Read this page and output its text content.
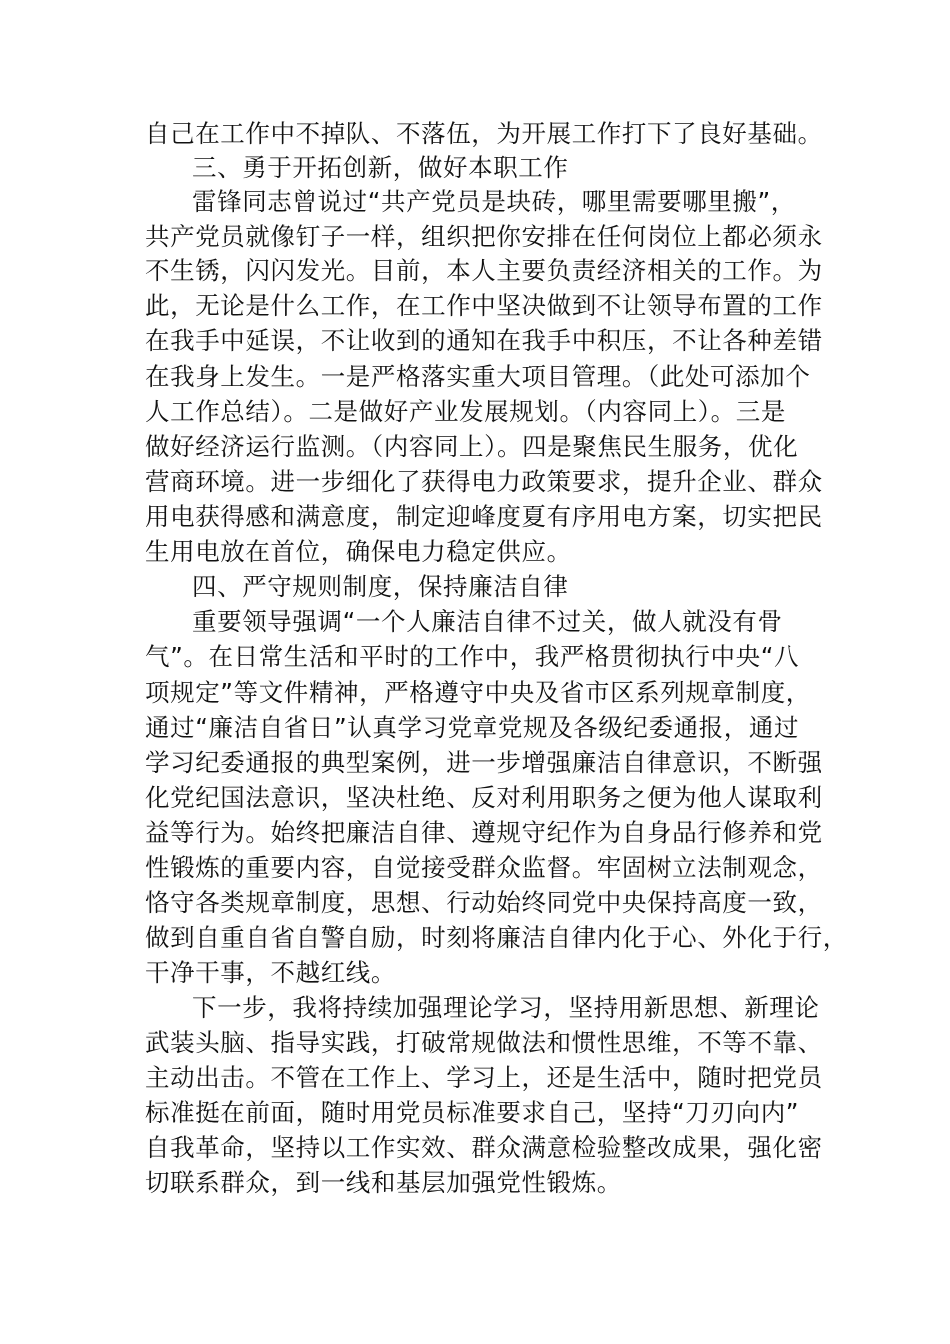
自己在工作中不掉队、不落伍，为开展工作打下了良好基础。
三、勇于开拓创新，做好本职工作
雷锋同志曾说过“共产党员是块砖，哪里需要哪里搬”，
共产党员就像钉子一样，组织把你安排在任何岗位上都必须永
不生锈，闪闪发光。目前，本人主要负责经济相关的工作。为
此，无论是什么工作，在工作中坚决做到不让领导布置的工作
在我手中延误，不让收到的通知在我手中积压，不让各种差错
在我身上发生。一是严格落实重大项目管理。（此处可添加个
人工作总结）。二是做好产业发展规划。（内容同上）。三是
做好经济运行监测。（内容同上）。四是聚焦民生服务，优化
营商环境。进一步细化了获得电力政策要求，提升企业、群众
用电获得感和满意度，制定迎峰度夏有序用电方案，切实把民
生用电放在首位，确保电力稳定供应。
四、严守规则制度，保持廉洁自律
重要领导强调“一个人廉洁自律不过关，做人就没有骨
气”。在日常生活和平时的工作中，我严格贯彻执行中央“八
项规定”等文件精神，严格遵守中央及省市区系列规章制度，
通过“廉洁自省日”认真学习党章党规及各级纪委通报，通过
学习纪委通报的典型案例，进一步增强廉洁自律意识，不断强
化党纪国法意识，坚决杜绝、反对利用职务之便为他人谋取利
益等行为。始终把廉洁自律、遵规守纪作为自身品行修养和党
性锻炼的重要内容，自觉接受群众监督。牢固树立法制观念，
恪守各类规章制度，思想、行动始终同党中央保持高度一致，
做到自重自省自警自励，时刻将廉洁自律内化于心、外化于行，
干净干事，不越红线。
下一步，我将持续加强理论学习，坚持用新思想、新理论
武装头脑、指导实践，打破常规做法和惯性思维，不等不靠、
主动出击。不管在工作上、学习上，还是生活中，随时把党员
标准挺在前面，随时用党员标准要求自己，坚持“刀刃向内”
自我革命，坚持以工作实效、群众满意检验整改成果，强化密
切联系群众，到一线和基层加强党性锻炼。
